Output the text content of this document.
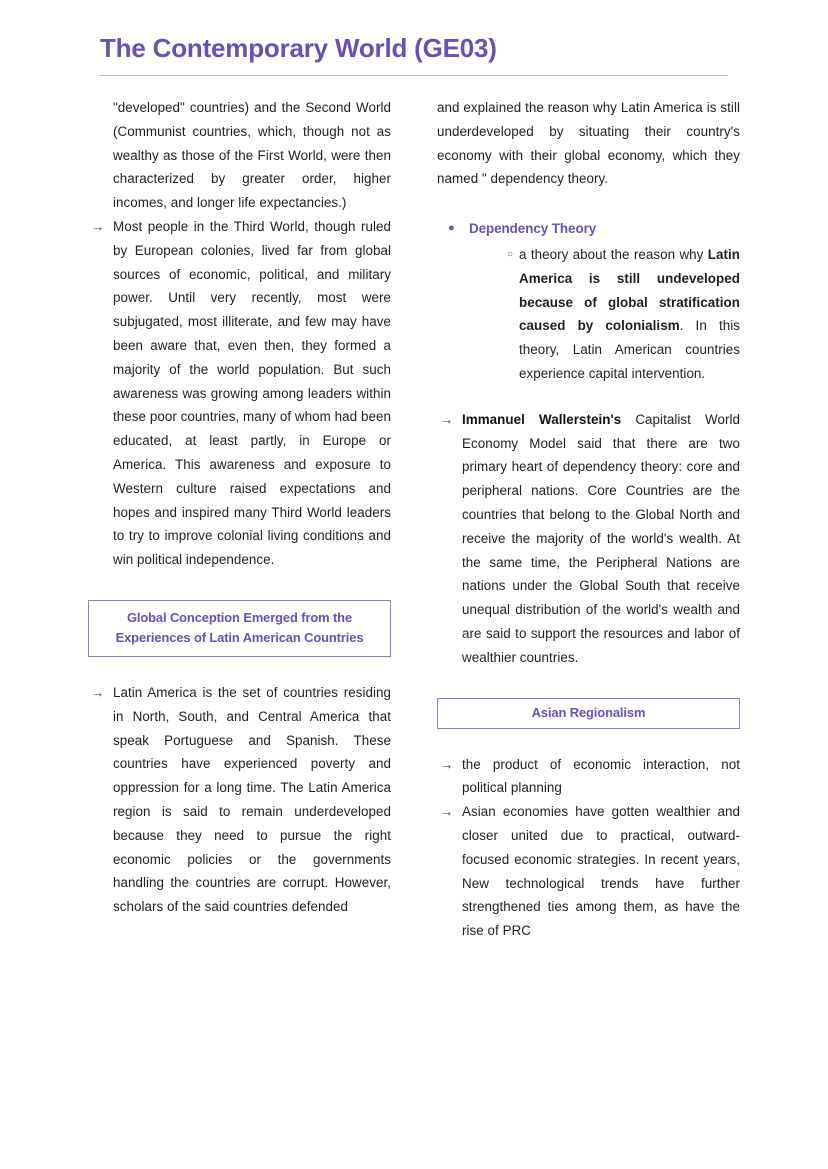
The Contemporary World (GE03)

"developed" countries) and the Second World (Communist countries, which, though not as wealthy as those of the First World, were then characterized by greater order, higher incomes, and longer life expectancies.)

→ Most people in the Third World, though ruled by European colonies, lived far from global sources of economic, political, and military power. Until very recently, most were subjugated, most illiterate, and few may have been aware that, even then, they formed a majority of the world population. But such awareness was growing among leaders within these poor countries, many of whom had been educated, at least partly, in Europe or America. This awareness and exposure to Western culture raised expectations and hopes and inspired many Third World leaders to try to improve colonial living conditions and win political independence.
Global Conception Emerged from the Experiences of Latin American Countries
→ Latin America is the set of countries residing in North, South, and Central America that speak Portuguese and Spanish. These countries have experienced poverty and oppression for a long time. The Latin America region is said to remain underdeveloped because they need to pursue the right economic policies or the governments handling the countries are corrupt. However, scholars of the said countries defended

and explained the reason why Latin America is still underdeveloped by situating their country's economy with their global economy, which they named " dependency theory.

●	Dependency Theory
○ a theory about the reason why Latin America is still undeveloped because of global stratification caused by colonialism. In this theory, Latin American countries experience capital intervention.
→ Immanuel Wallerstein's Capitalist World Economy Model said that there are two primary heart of dependency theory: core and peripheral nations. Core Countries are the countries that belong to the Global North and receive the majority of the world's wealth. At the same time, the Peripheral Nations are nations under the Global South that receive unequal distribution of the world's wealth and are said to support the resources and labor of wealthier countries.
Asian Regionalism
→ the product of economic interaction, not political planning
→ Asian economies have gotten wealthier and closer united due to practical, outward-focused economic strategies. In recent years, New technological trends have further strengthened ties among them, as have the rise of PRC
